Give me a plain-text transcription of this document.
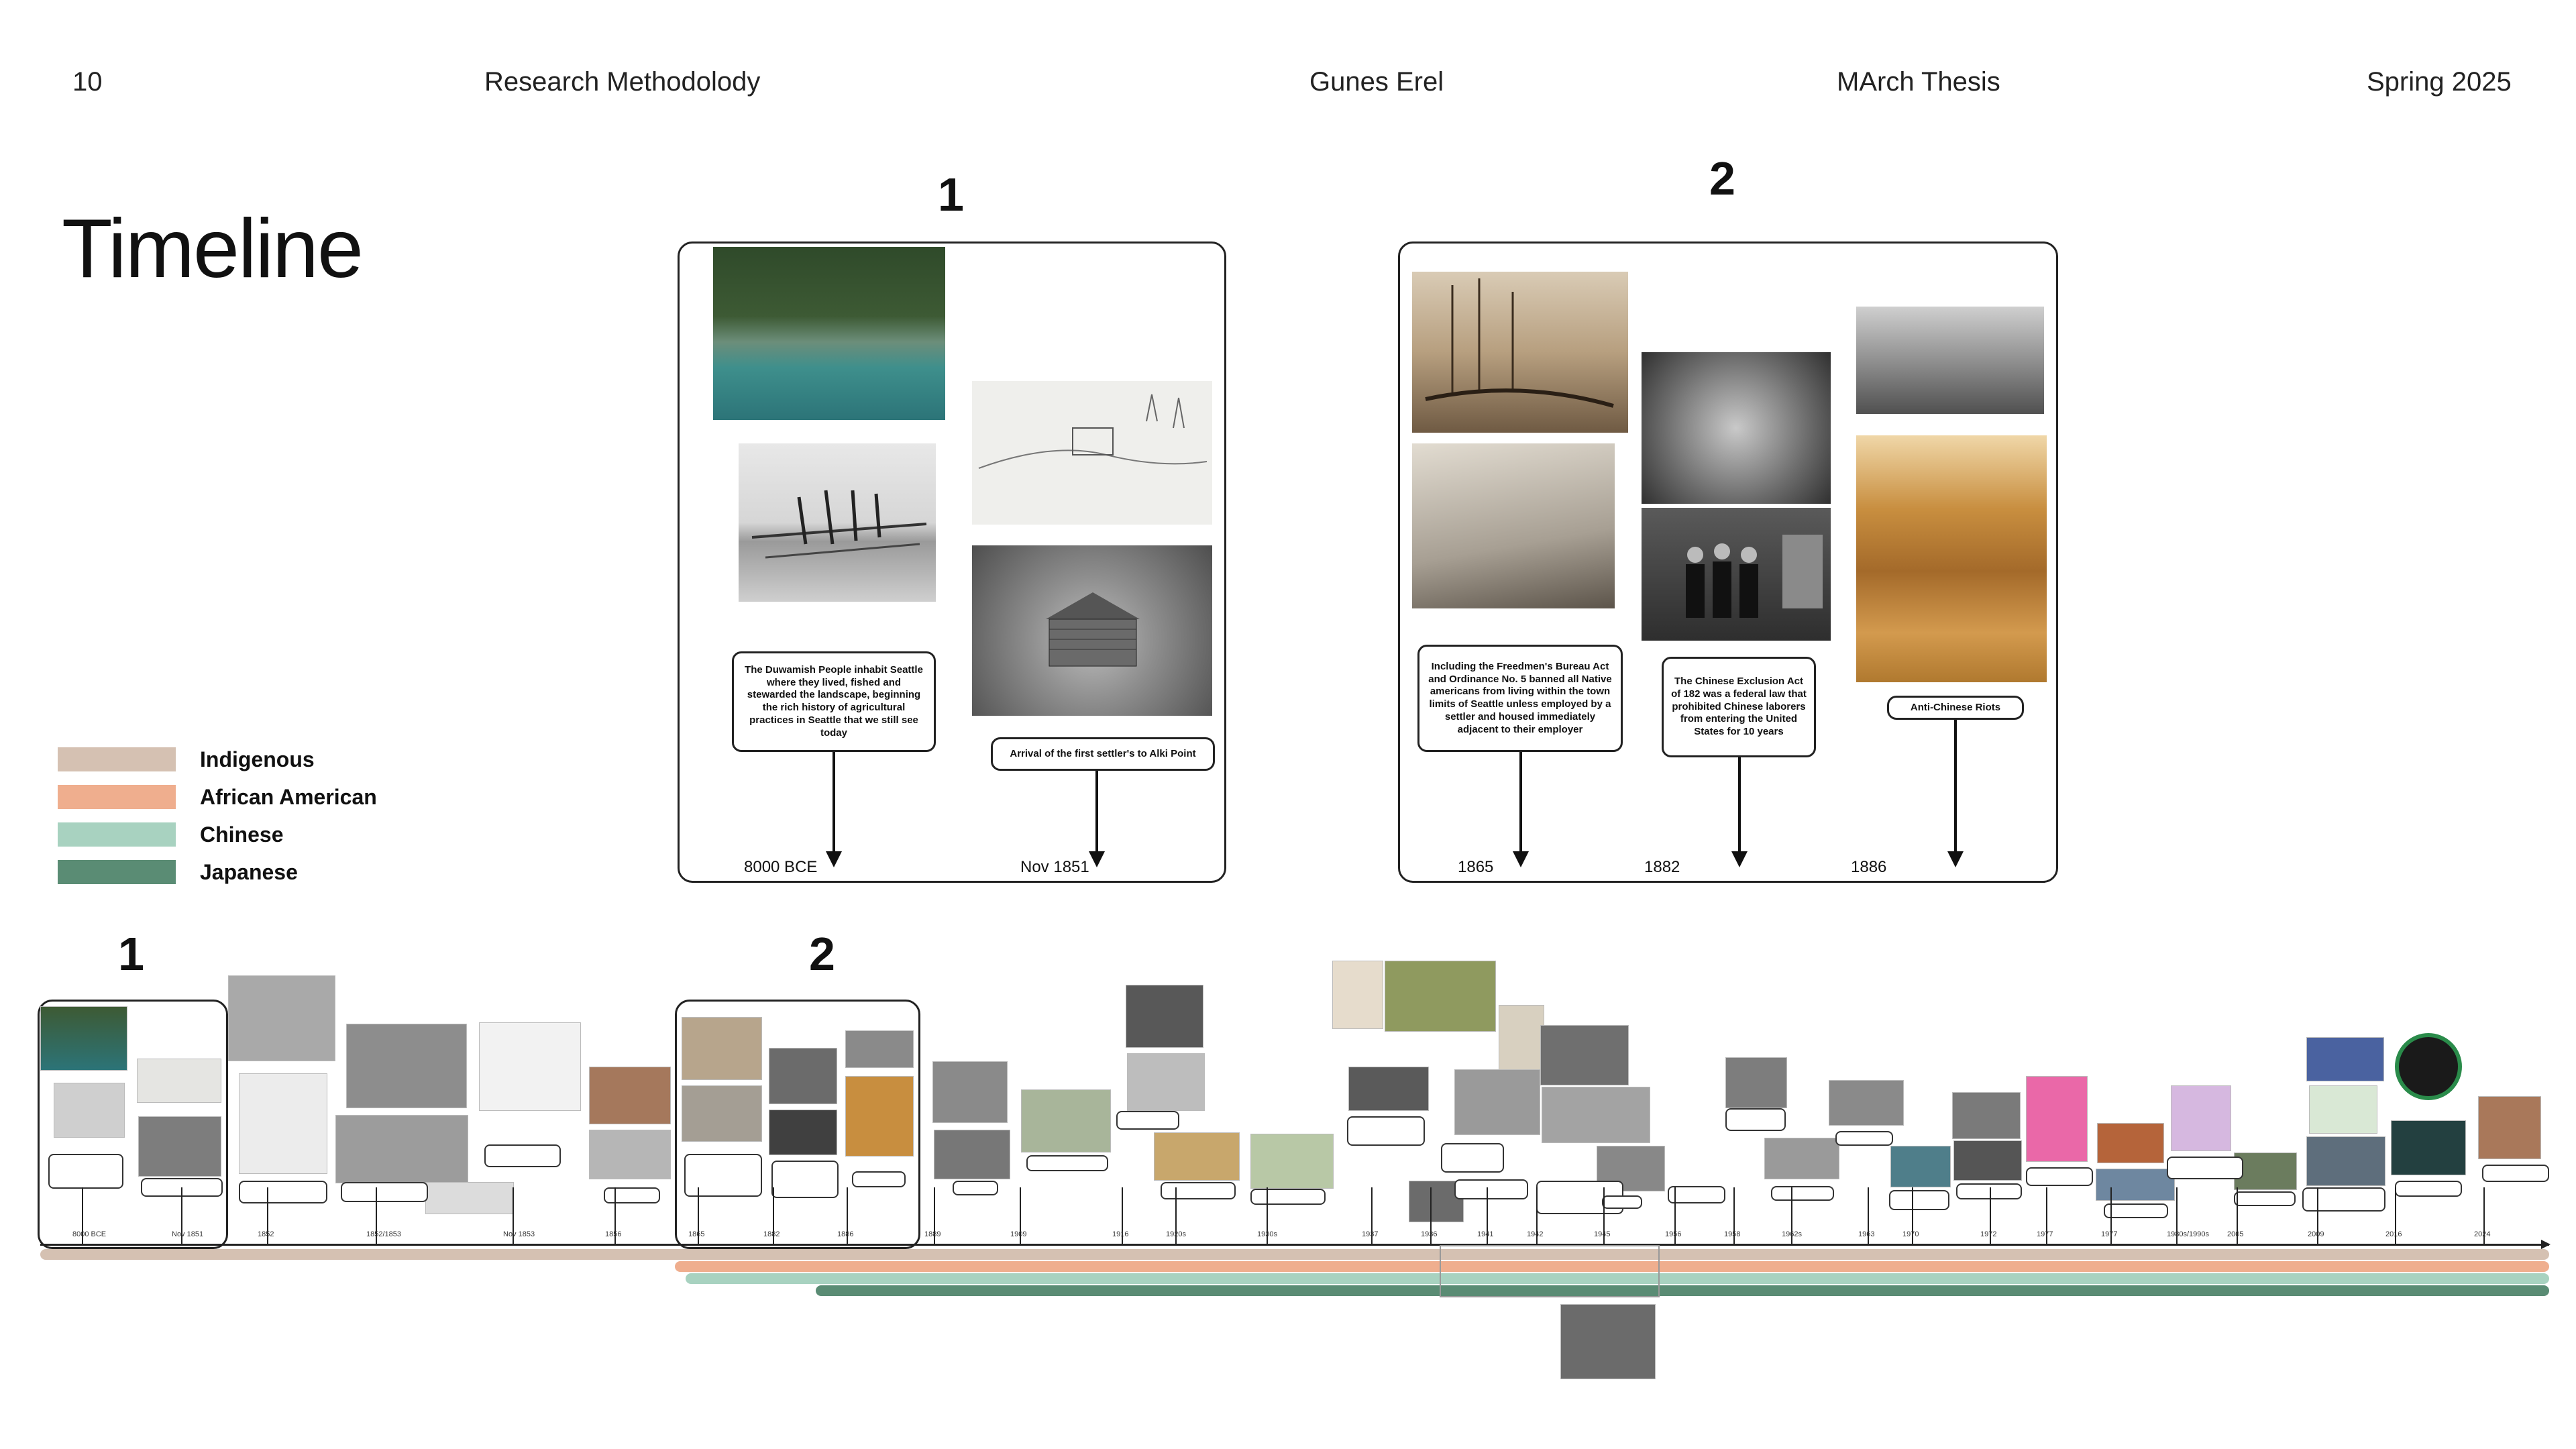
10	Research Methodolody	Gunes Erel	MArch Thesis	Spring 2025
Timeline
Indigenous
African American
Chinese
Japanese
1
The Duwamish People inhabit Seattle where they lived, fished and stewarded the landscape, beginning the rich history of agricultural practices in Seattle that we still see today
Arrival of the first settler's to Alki Point
8000 BCE	Nov 1851
2
Including the Freedmen's Bureau Act and Ordinance No. 5 banned all Native americans from living within the town limits of Seattle unless employed by a settler and housed immediately adjacent to their employer
The Chinese Exclusion Act of 182 was a federal law that prohibited Chinese laborers from entering the United States for 10 years
Anti-Chinese Riots
1865	1882	1886
1	2
8000 BCE	Nov 1851	1852	1852/1853	Nov 1853	1856	1865	1882	1886	1889	1909	1916	1920s	1930s	1937	1936	1941	1942	1945	1956	1958	1962s	1963	1970	1972	1977	1977	1980s/1990s 2005	2009	2016	2024
